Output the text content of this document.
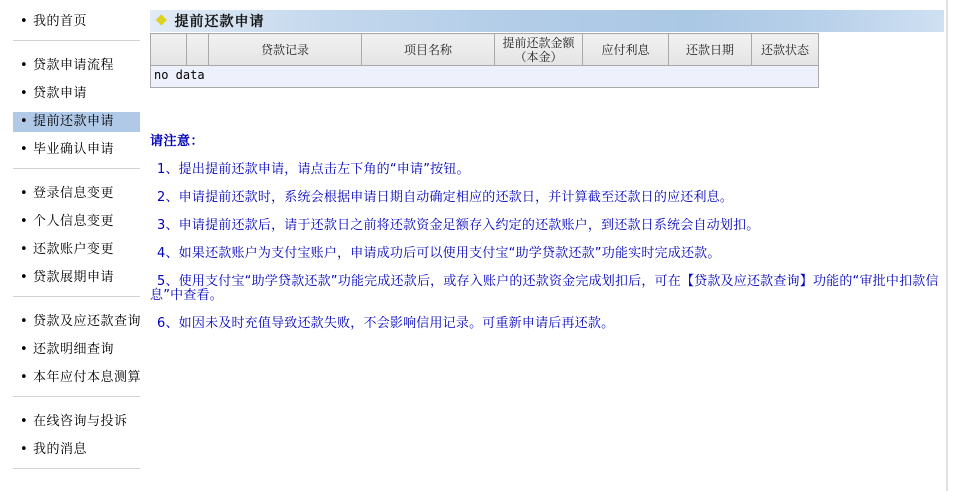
• 我的首页
• 贷款申请流程
• 贷款申请
• 提前还款申请
• 毕业确认申请
• 登录信息变更
• 个人信息变更
• 还款账户变更
• 贷款展期申请
• 贷款及应还款查询
• 还款明细查询
• 本年应付本息测算
• 在线咨询与投诉
• 我的消息
❖ 提前还款申请
		贷款记录	项目名称	提前还款金额（本金）	应付利息	还款日期	还款状态
no data
请注意：
1、提出提前还款申请，请点击左下角的“申请”按钮。
2、申请提前还款时，系统会根据申请日期自动确定相应的还款日，并计算截至还款日的应还利息。
3、申请提前还款后，请于还款日之前将还款资金足额存入约定的还款账户，到还款日系统会自动划扣。
4、如果还款账户为支付宝账户，申请成功后可以使用支付宝“助学贷款还款”功能实时完成还款。
5、使用支付宝“助学贷款还款”功能完成还款后，或存入账户的还款资金完成划扣后，可在【贷款及应还款查询】功能的“审批中扣款信息”中查看。
6、如因未及时充值导致还款失败，不会影响信用记录。可重新申请后再还款。
